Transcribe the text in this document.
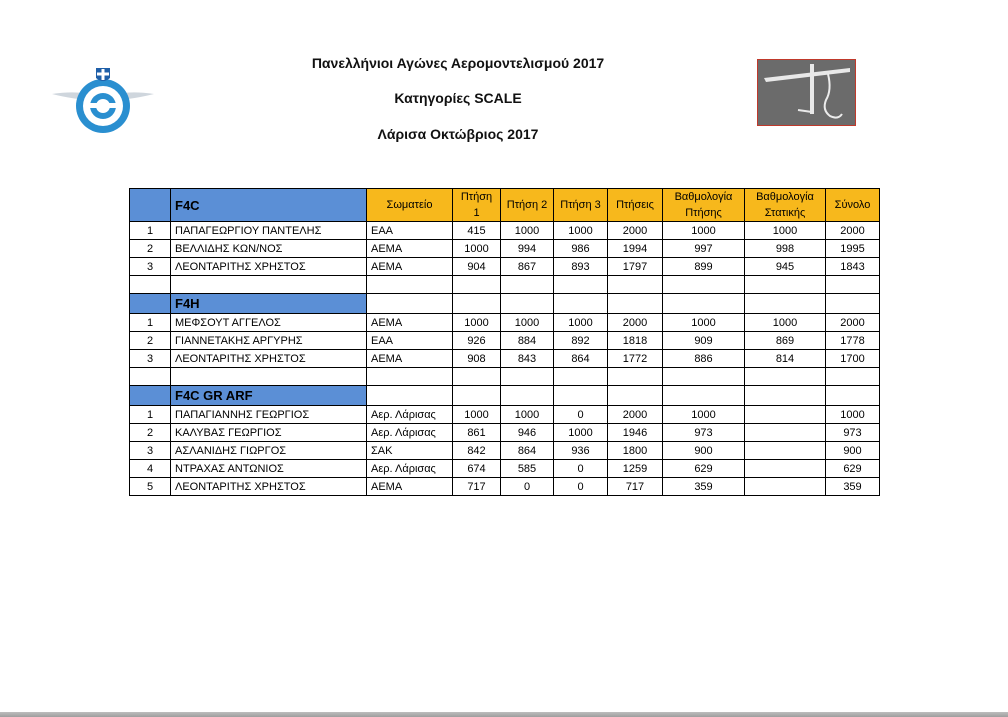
Πανελλήνιοι Αγώνες Αερομοντελισμού 2017
Κατηγορίες SCALE
Λάρισα Οκτώβριος 2017
	F4C	Σωματείο	Πτήση 1	Πτήση 2	Πτήση 3	Πτήσεις	Βαθμολογία Πτήσης	Βαθμολογία Στατικής	Σύνολο
1	ΠΑΠΑΓΕΩΡΓΙΟΥ ΠΑΝΤΕΛΗΣ	ΕΑΑ	415	1000	1000	2000	1000	1000	2000
2	ΒΕΛΛΙΔΗΣ ΚΩΝ/ΝΟΣ	ΑΕΜΑ	1000	994	986	1994	997	998	1995
3	ΛΕΟΝΤΑΡΙΤΗΣ ΧΡΗΣΤΟΣ	ΑΕΜΑ	904	867	893	1797	899	945	1843

	F4H								
1	ΜΕΦΣΟΥΤ ΑΓΓΕΛΟΣ	ΑΕΜΑ	1000	1000	1000	2000	1000	1000	2000
2	ΓΙΑΝΝΕΤΑΚΗΣ ΑΡΓΥΡΗΣ	ΕΑΑ	926	884	892	1818	909	869	1778
3	ΛΕΟΝΤΑΡΙΤΗΣ ΧΡΗΣΤΟΣ	ΑΕΜΑ	908	843	864	1772	886	814	1700

	F4C GR ARF								
1	ΠΑΠΑΓΙΑΝΝΗΣ ΓΕΩΡΓΙΟΣ	Αερ. Λάρισας	1000	1000	0	2000	1000		1000
2	ΚΑΛΥΒΑΣ ΓΕΩΡΓΙΟΣ	Αερ. Λάρισας	861	946	1000	1946	973		973
3	ΑΣΛΑΝΙΔΗΣ ΓΙΩΡΓΟΣ	ΣΑΚ	842	864	936	1800	900		900
4	ΝΤΡΑΧΑΣ ΑΝΤΩΝΙΟΣ	Αερ. Λάρισας	674	585	0	1259	629		629
5	ΛΕΟΝΤΑΡΙΤΗΣ ΧΡΗΣΤΟΣ	ΑΕΜΑ	717	0	0	717	359		359
